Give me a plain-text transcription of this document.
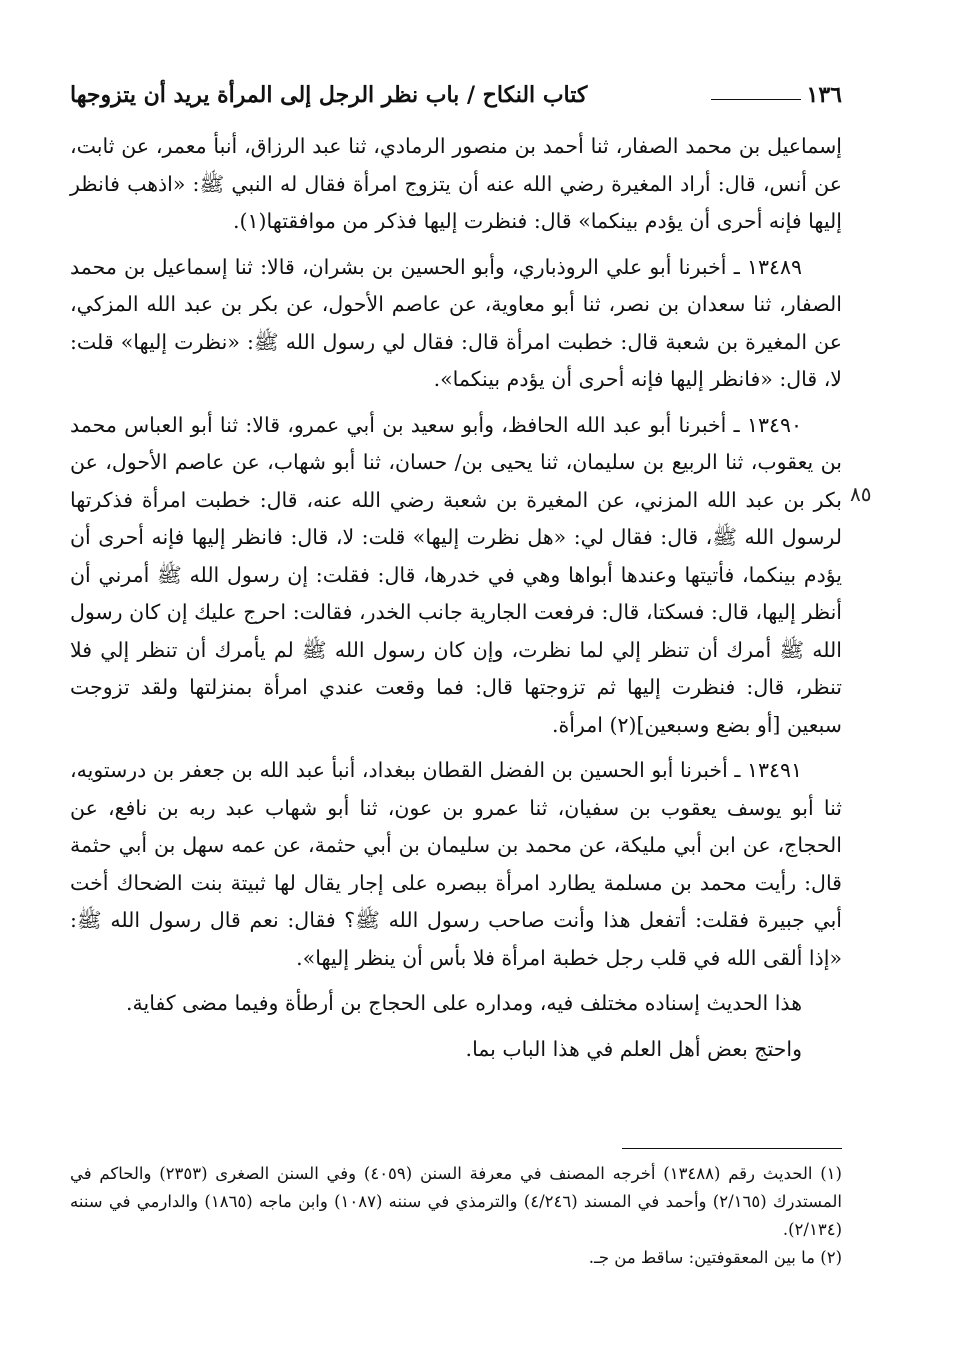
١٣٦
كتاب النكاح / باب نظر الرجل إلى المرأة يريد أن يتزوجها
٨٥

إسماعيل بن محمد الصفار، ثنا أحمد بن منصور الرمادي، ثنا عبد الرزاق، أنبأ معمر، عن ثابت، عن أنس، قال: أراد المغيرة رضي الله عنه أن يتزوج امرأة فقال له النبي ﷺ: «اذهب فانظر إليها فإنه أحرى أن يؤدم بينكما» قال: فنظرت إليها فذكر من موافقتها(١).

١٣٤٨٩ ـ أخبرنا أبو علي الروذباري، وأبو الحسين بن بشران، قالا: ثنا إسماعيل بن محمد الصفار، ثنا سعدان بن نصر، ثنا أبو معاوية، عن عاصم الأحول، عن بكر بن عبد الله المزكي، عن المغيرة بن شعبة قال: خطبت امرأة قال: فقال لي رسول الله ﷺ: «نظرت إليها» قلت: لا، قال: «فانظر إليها فإنه أحرى أن يؤدم بينكما».

١٣٤٩٠ ـ أخبرنا أبو عبد الله الحافظ، وأبو سعيد بن أبي عمرو، قالا: ثنا أبو العباس محمد بن يعقوب، ثنا الربيع بن سليمان، ثنا يحيى بن/ حسان، ثنا أبو شهاب، عن عاصم الأحول، عن بكر بن عبد الله المزني، عن المغيرة بن شعبة رضي الله عنه، قال: خطبت امرأة فذكرتها لرسول الله ﷺ، قال: فقال لي: «هل نظرت إليها» قلت: لا، قال: فانظر إليها فإنه أحرى أن يؤدم بينكما، فأتيتها وعندها أبواها وهي في خدرها، قال: فقلت: إن رسول الله ﷺ أمرني أن أنظر إليها، قال: فسكتا، قال: فرفعت الجارية جانب الخدر، فقالت: احرج عليك إن كان رسول الله ﷺ أمرك أن تنظر إلي لما نظرت، وإن كان رسول الله ﷺ لم يأمرك أن تنظر إلي فلا تنظر، قال: فنظرت إليها ثم تزوجتها قال: فما وقعت عندي امرأة بمنزلتها ولقد تزوجت سبعين [أو بضع وسبعين](٢) امرأة.

١٣٤٩١ ـ أخبرنا أبو الحسين بن الفضل القطان ببغداد، أنبأ عبد الله بن جعفر بن درستويه، ثنا أبو يوسف يعقوب بن سفيان، ثنا عمرو بن عون، ثنا أبو شهاب عبد ربه بن نافع، عن الحجاج، عن ابن أبي مليكة، عن محمد بن سليمان بن أبي حثمة، عن عمه سهل بن أبي حثمة قال: رأيت محمد بن مسلمة يطارد امرأة ببصره على إجار يقال لها ثبيتة بنت الضحاك أخت أبي جبيرة فقلت: أتفعل هذا وأنت صاحب رسول الله ﷺ؟ فقال: نعم قال رسول الله ﷺ: «إذا ألقى الله في قلب رجل خطبة امرأة فلا بأس أن ينظر إليها».

هذا الحديث إسناده مختلف فيه، ومداره على الحجاج بن أرطأة وفيما مضى كفاية.

واحتج بعض أهل العلم في هذا الباب بما.

(١) الحديث رقم (١٣٤٨٨) أخرجه المصنف في معرفة السنن (٤٠٥٩) وفي السنن الصغرى (٢٣٥٣) والحاكم في المستدرك (٢/١٦٥) وأحمد في المسند (٤/٢٤٦) والترمذي في سننه (١٠٨٧) وابن ماجه (١٨٦٥) والدارمي في سننه (٢/١٣٤).

(٢) ما بين المعقوفتين: ساقط من جـ.
